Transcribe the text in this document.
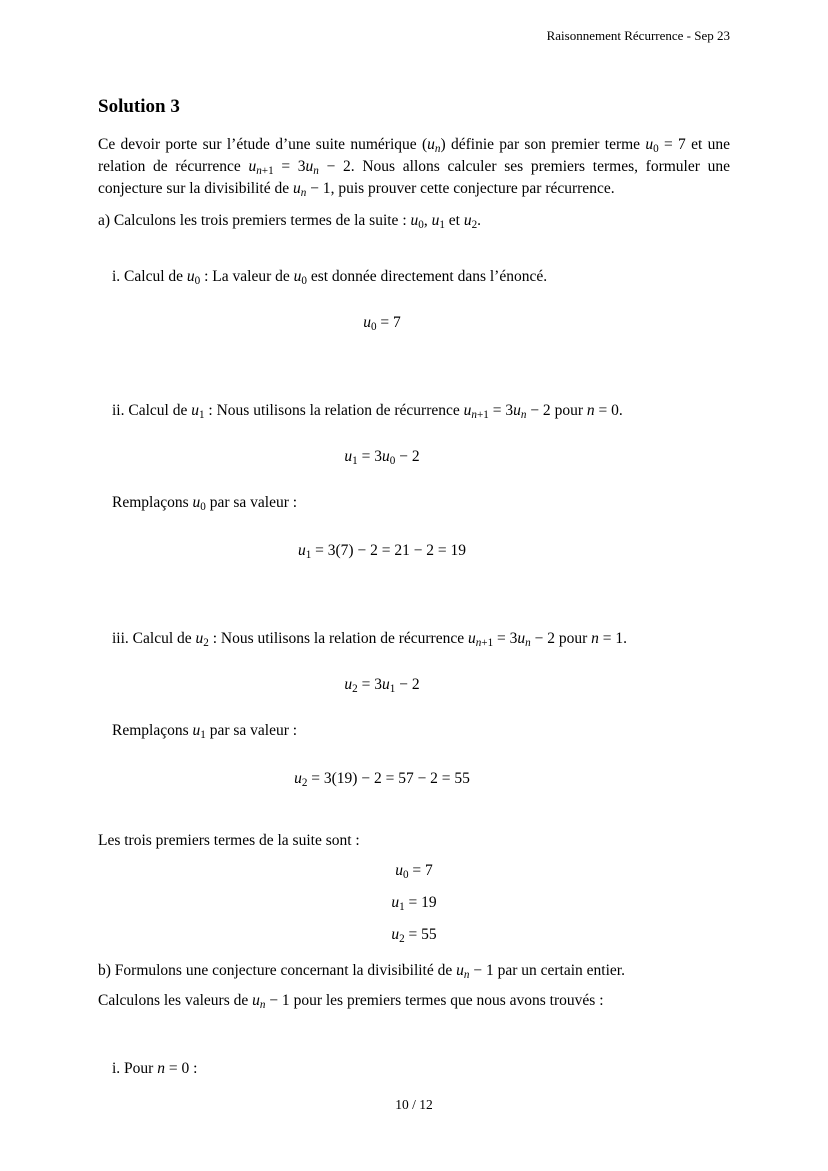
Raisonnement Récurrence - Sep 23
Solution 3

Ce devoir porte sur l’étude d’une suite numérique $(u_n)$ définie par son premier terme $u_0 = 7$ et une relation de récurrence $u_{n+1} = 3u_n - 2$. Nous allons calculer ses premiers termes, formuler une conjecture sur la divisibilité de $u_n - 1$, puis prouver cette conjecture par récurrence.

a) Calculons les trois premiers termes de la suite : $u_0$, $u_1$ et $u_2$.

i. Calcul de $u_0$ : La valeur de $u_0$ est donnée directement dans l’énoncé.

$u_0 = 7$

ii. Calcul de $u_1$ : Nous utilisons la relation de récurrence $u_{n+1} = 3u_n - 2$ pour n = 0.

$u_1 = 3u_0 - 2$

Remplaçons $u_0$ par sa valeur :

$u_1 = 3(7) - 2 = 21 - 2 = 19$

iii. Calcul de $u_2$ : Nous utilisons la relation de récurrence $u_{n+1} = 3u_n - 2$ pour n = 1.

$u_2 = 3u_1 - 2$

Remplaçons $u_1$ par sa valeur :

$u_2 = 3(19) - 2 = 57 - 2 = 55$

Les trois premiers termes de la suite sont :

$u_0 = 7$
$u_1 = 19$
$u_2 = 55$

b) Formulons une conjecture concernant la divisibilité de $u_n - 1$ par un certain entier.

Calculons les valeurs de $u_n - 1$ pour les premiers termes que nous avons trouvés :

i. Pour n = 0 :

10 / 12
